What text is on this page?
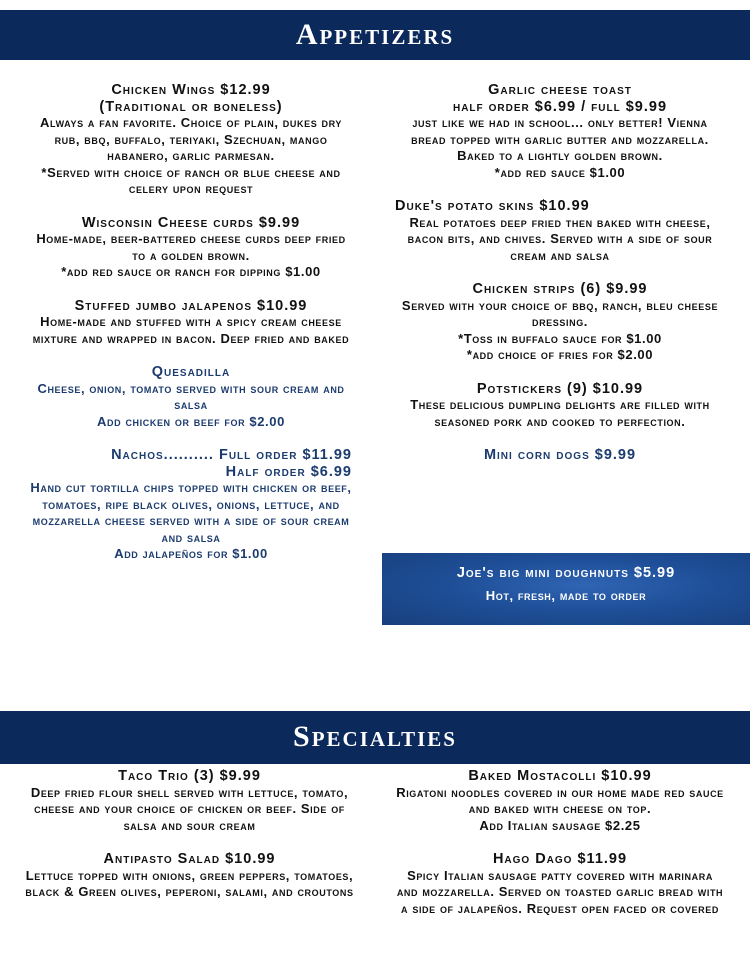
Appetizers

Chicken Wings $12.99

(Traditional or boneless)

Always a fan favorite. Choice of plain, dukes dry rub, bbq, buffalo, teriyaki, Szechuan, mango habanero, garlic parmesan.

*Served with choice of ranch or blue cheese and celery upon request

Wisconsin Cheese curds $9.99

Home-made, beer-battered cheese curds deep fried to a golden brown.

*add red sauce or ranch for dipping $1.00

Stuffed jumbo jalapenos $10.99

Home-made and stuffed with a spicy cream cheese mixture and wrapped in bacon. Deep fried and baked

Quesadilla

Cheese, onion, tomato served with sour cream and salsa

Add chicken or beef for $2.00

Nachos.......... Full order $11.99
Half order $6.99

Hand cut tortilla chips topped with chicken or beef, tomatoes, ripe black olives, onions, lettuce, and mozzarella cheese served with a side of sour cream and salsa

Add jalapeños for $1.00

Garlic cheese toast

half order $6.99 / full $9.99

just like we had in school... only better! Vienna bread topped with garlic butter and mozzarella. Baked to a lightly golden brown.

*add red sauce $1.00

Duke's potato skins $10.99

Real potatoes deep fried then baked with cheese, bacon bits, and chives. Served with a side of sour cream and salsa

Chicken strips (6) $9.99

Served with your choice of bbq, ranch, bleu cheese dressing.

*Toss in buffalo sauce for $1.00

*add choice of fries for $2.00

Potstickers (9) $10.99

These delicious dumpling delights are filled with seasoned pork and cooked to perfection.

Mini corn dogs $9.99

Joe's big mini doughnuts $5.99

Hot, fresh, made to order

Specialties

Taco Trio (3) $9.99

Deep fried flour shell served with lettuce, tomato, cheese and your choice of chicken or beef. Side of salsa and sour cream

Antipasto Salad $10.99

Lettuce topped with onions, green peppers, tomatoes, black & Green olives, peperoni, salami, and croutons

Baked Mostacolli $10.99

Rigatoni noodles covered in our home made red sauce and baked with cheese on top.

Add Italian sausage $2.25

Hago Dago $11.99

Spicy Italian sausage patty covered with marinara and mozzarella. Served on toasted garlic bread with a side of jalapeños. Request open faced or covered
